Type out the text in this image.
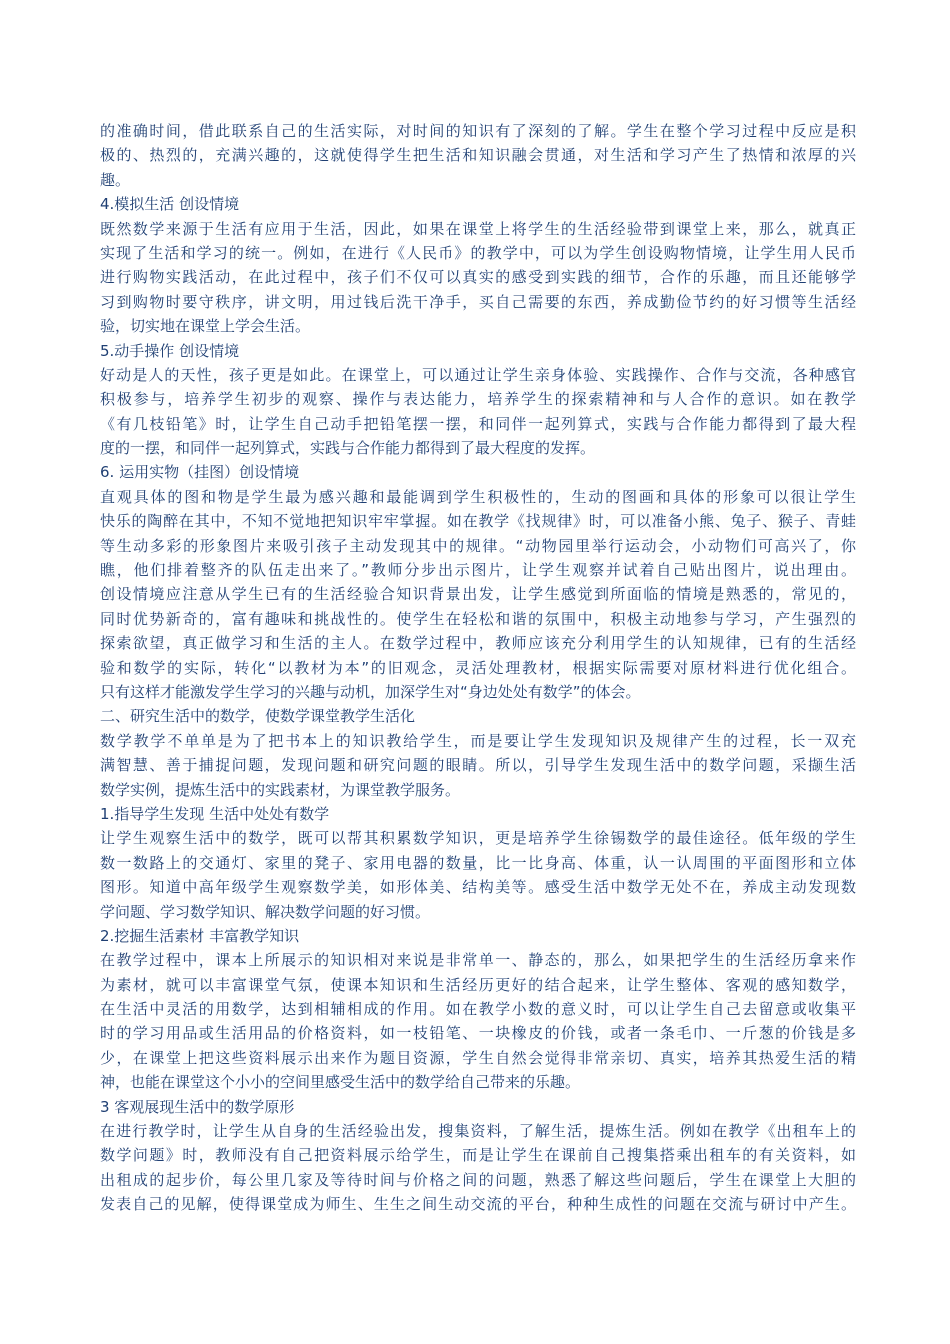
的准确时间，借此联系自己的生活实际，对时间的知识有了深刻的了解。学生在整个学习过程中反应是积
极的、热烈的，充满兴趣的，这就使得学生把生活和知识融会贯通，对生活和学习产生了热情和浓厚的兴
趣。
4.模拟生活 创设情境
既然数学来源于生活有应用于生活，因此，如果在课堂上将学生的生活经验带到课堂上来，那么，就真正
实现了生活和学习的统一。例如，在进行《人民币》的教学中，可以为学生创设购物情境，让学生用人民币
进行购物实践活动，在此过程中，孩子们不仅可以真实的感受到实践的细节，合作的乐趣，而且还能够学
习到购物时要守秩序，讲文明，用过钱后洗干净手，买自己需要的东西，养成勤俭节约的好习惯等生活经
验，切实地在课堂上学会生活。
5.动手操作 创设情境
好动是人的天性，孩子更是如此。在课堂上，可以通过让学生亲身体验、实践操作、合作与交流，各种感官
积极参与，培养学生初步的观察、操作与表达能力，培养学生的探索精神和与人合作的意识。如在教学
《有几枝铅笔》时，让学生自己动手把铅笔摆一摆，和同伴一起列算式，实践与合作能力都得到了最大程
度的一摆，和同伴一起列算式，实践与合作能力都得到了最大程度的发挥。
6. 运用实物（挂图）创设情境
直观具体的图和物是学生最为感兴趣和最能调到学生积极性的，生动的图画和具体的形象可以很让学生
快乐的陶醉在其中，不知不觉地把知识牢牢掌握。如在教学《找规律》时，可以准备小熊、兔子、猴子、青蛙
等生动多彩的形象图片来吸引孩子主动发现其中的规律。“动物园里举行运动会，小动物们可高兴了，你
瞧，他们排着整齐的队伍走出来了。”教师分步出示图片，让学生观察并试着自己贴出图片，说出理由。
创设情境应注意从学生已有的生活经验合知识背景出发，让学生感觉到所面临的情境是熟悉的，常见的，
同时优势新奇的，富有趣味和挑战性的。使学生在轻松和谐的氛围中，积极主动地参与学习，产生强烈的
探索欲望，真正做学习和生活的主人。在数学过程中，教师应该充分利用学生的认知规律，已有的生活经
验和数学的实际，转化“以教材为本”的旧观念，灵活处理教材，根据实际需要对原材料进行优化组合。
只有这样才能激发学生学习的兴趣与动机，加深学生对“身边处处有数学”的体会。
二、研究生活中的数学，使数学课堂教学生活化
数学教学不单单是为了把书本上的知识教给学生，而是要让学生发现知识及规律产生的过程，长一双充
满智慧、善于捕捉问题，发现问题和研究问题的眼睛。所以，引导学生发现生活中的数学问题，采撷生活
数学实例，提炼生活中的实践素材，为课堂教学服务。
1.指导学生发现 生活中处处有数学
让学生观察生活中的数学，既可以帮其积累数学知识，更是培养学生徐锡数学的最佳途径。低年级的学生
数一数路上的交通灯、家里的凳子、家用电器的数量，比一比身高、体重，认一认周围的平面图形和立体
图形。知道中高年级学生观察数学美，如形体美、结构美等。感受生活中数学无处不在，养成主动发现数
学问题、学习数学知识、解决数学问题的好习惯。
2.挖掘生活素材 丰富教学知识
在教学过程中，课本上所展示的知识相对来说是非常单一、静态的，那么，如果把学生的生活经历拿来作
为素材，就可以丰富课堂气氛，使课本知识和生活经历更好的结合起来，让学生整体、客观的感知数学，
在生活中灵活的用数学，达到相辅相成的作用。如在教学小数的意义时，可以让学生自己去留意或收集平
时的学习用品或生活用品的价格资料，如一枝铅笔、一块橡皮的价钱，或者一条毛巾、一斤葱的价钱是多
少，在课堂上把这些资料展示出来作为题目资源，学生自然会觉得非常亲切、真实，培养其热爱生活的精
神，也能在课堂这个小小的空间里感受生活中的数学给自己带来的乐趣。
3 客观展现生活中的数学原形
在进行教学时，让学生从自身的生活经验出发，搜集资料，了解生活，提炼生活。例如在教学《出租车上的
数学问题》时，教师没有自己把资料展示给学生，而是让学生在课前自己搜集搭乘出租车的有关资料，如
出租成的起步价，每公里几家及等待时间与价格之间的问题，熟悉了解这些问题后，学生在课堂上大胆的
发表自己的见解，使得课堂成为师生、生生之间生动交流的平台，种种生成性的问题在交流与研讨中产生。
